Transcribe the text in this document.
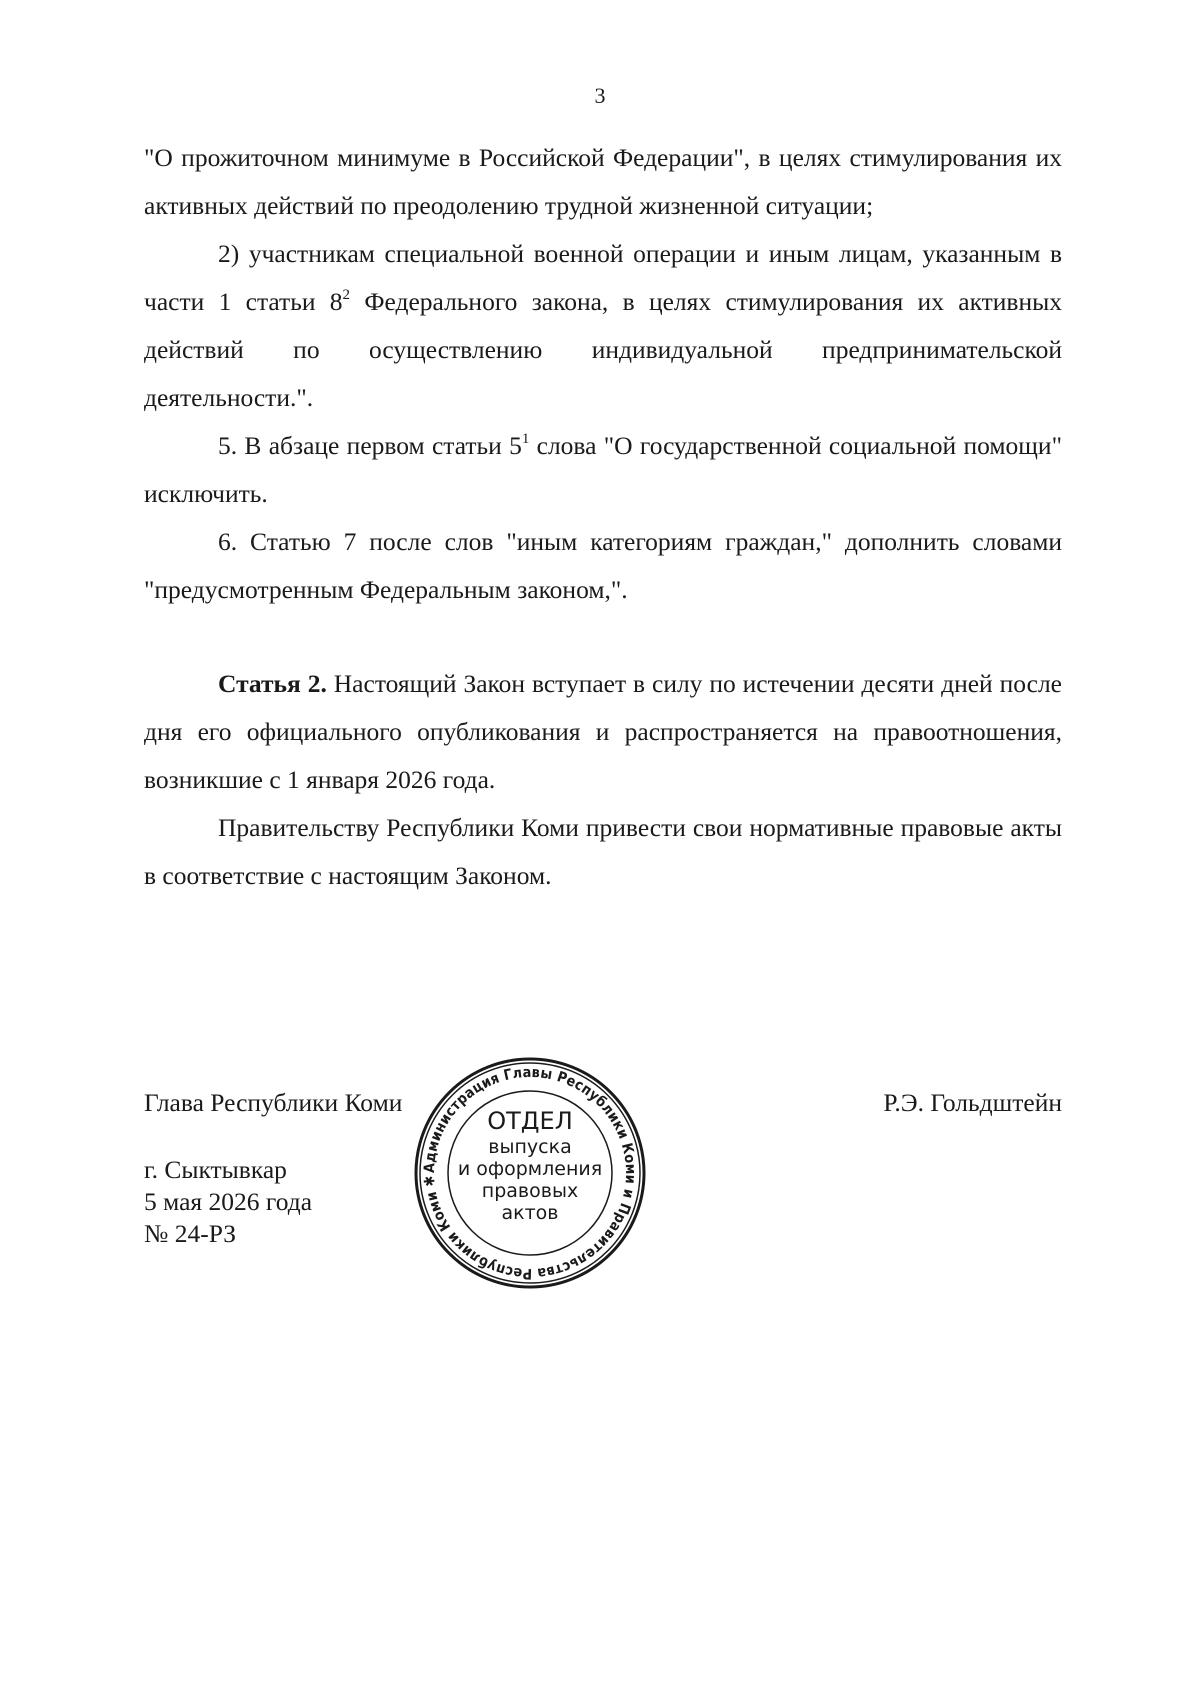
3

"О прожиточном минимуме в Российской Федерации", в целях стимулирования их активных действий по преодолению трудной жизненной ситуации;

2) участникам специальной военной операции и иным лицам, указанным в части 1 статьи $8^2$ Федерального закона, в целях стимулирования их активных действий по осуществлению индивидуальной предпринимательской деятельности.".

5. В абзаце первом статьи $5^1$ слова "О государственной социальной помощи" исключить.

6. Статью 7 после слов "иным категориям граждан," дополнить словами "предусмотренным Федеральным законом,".

Статья 2. Настоящий Закон вступает в силу по истечении десяти дней после дня его официального опубликования и распространяется на правоотношения, возникшие с 1 января 2026 года.

Правительству Республики Коми привести свои нормативные правовые акты в соответствие с настоящим Законом.

Глава Республики Коми	Р.Э. Гольдштейн
г. Сыктывкар
5 мая 2026 года
№ 24-РЗ
Администрация Главы Республики Коми и Правительства Республики Коми ✱
ОТДЕЛ
выпуска
и оформления
правовых
актов
